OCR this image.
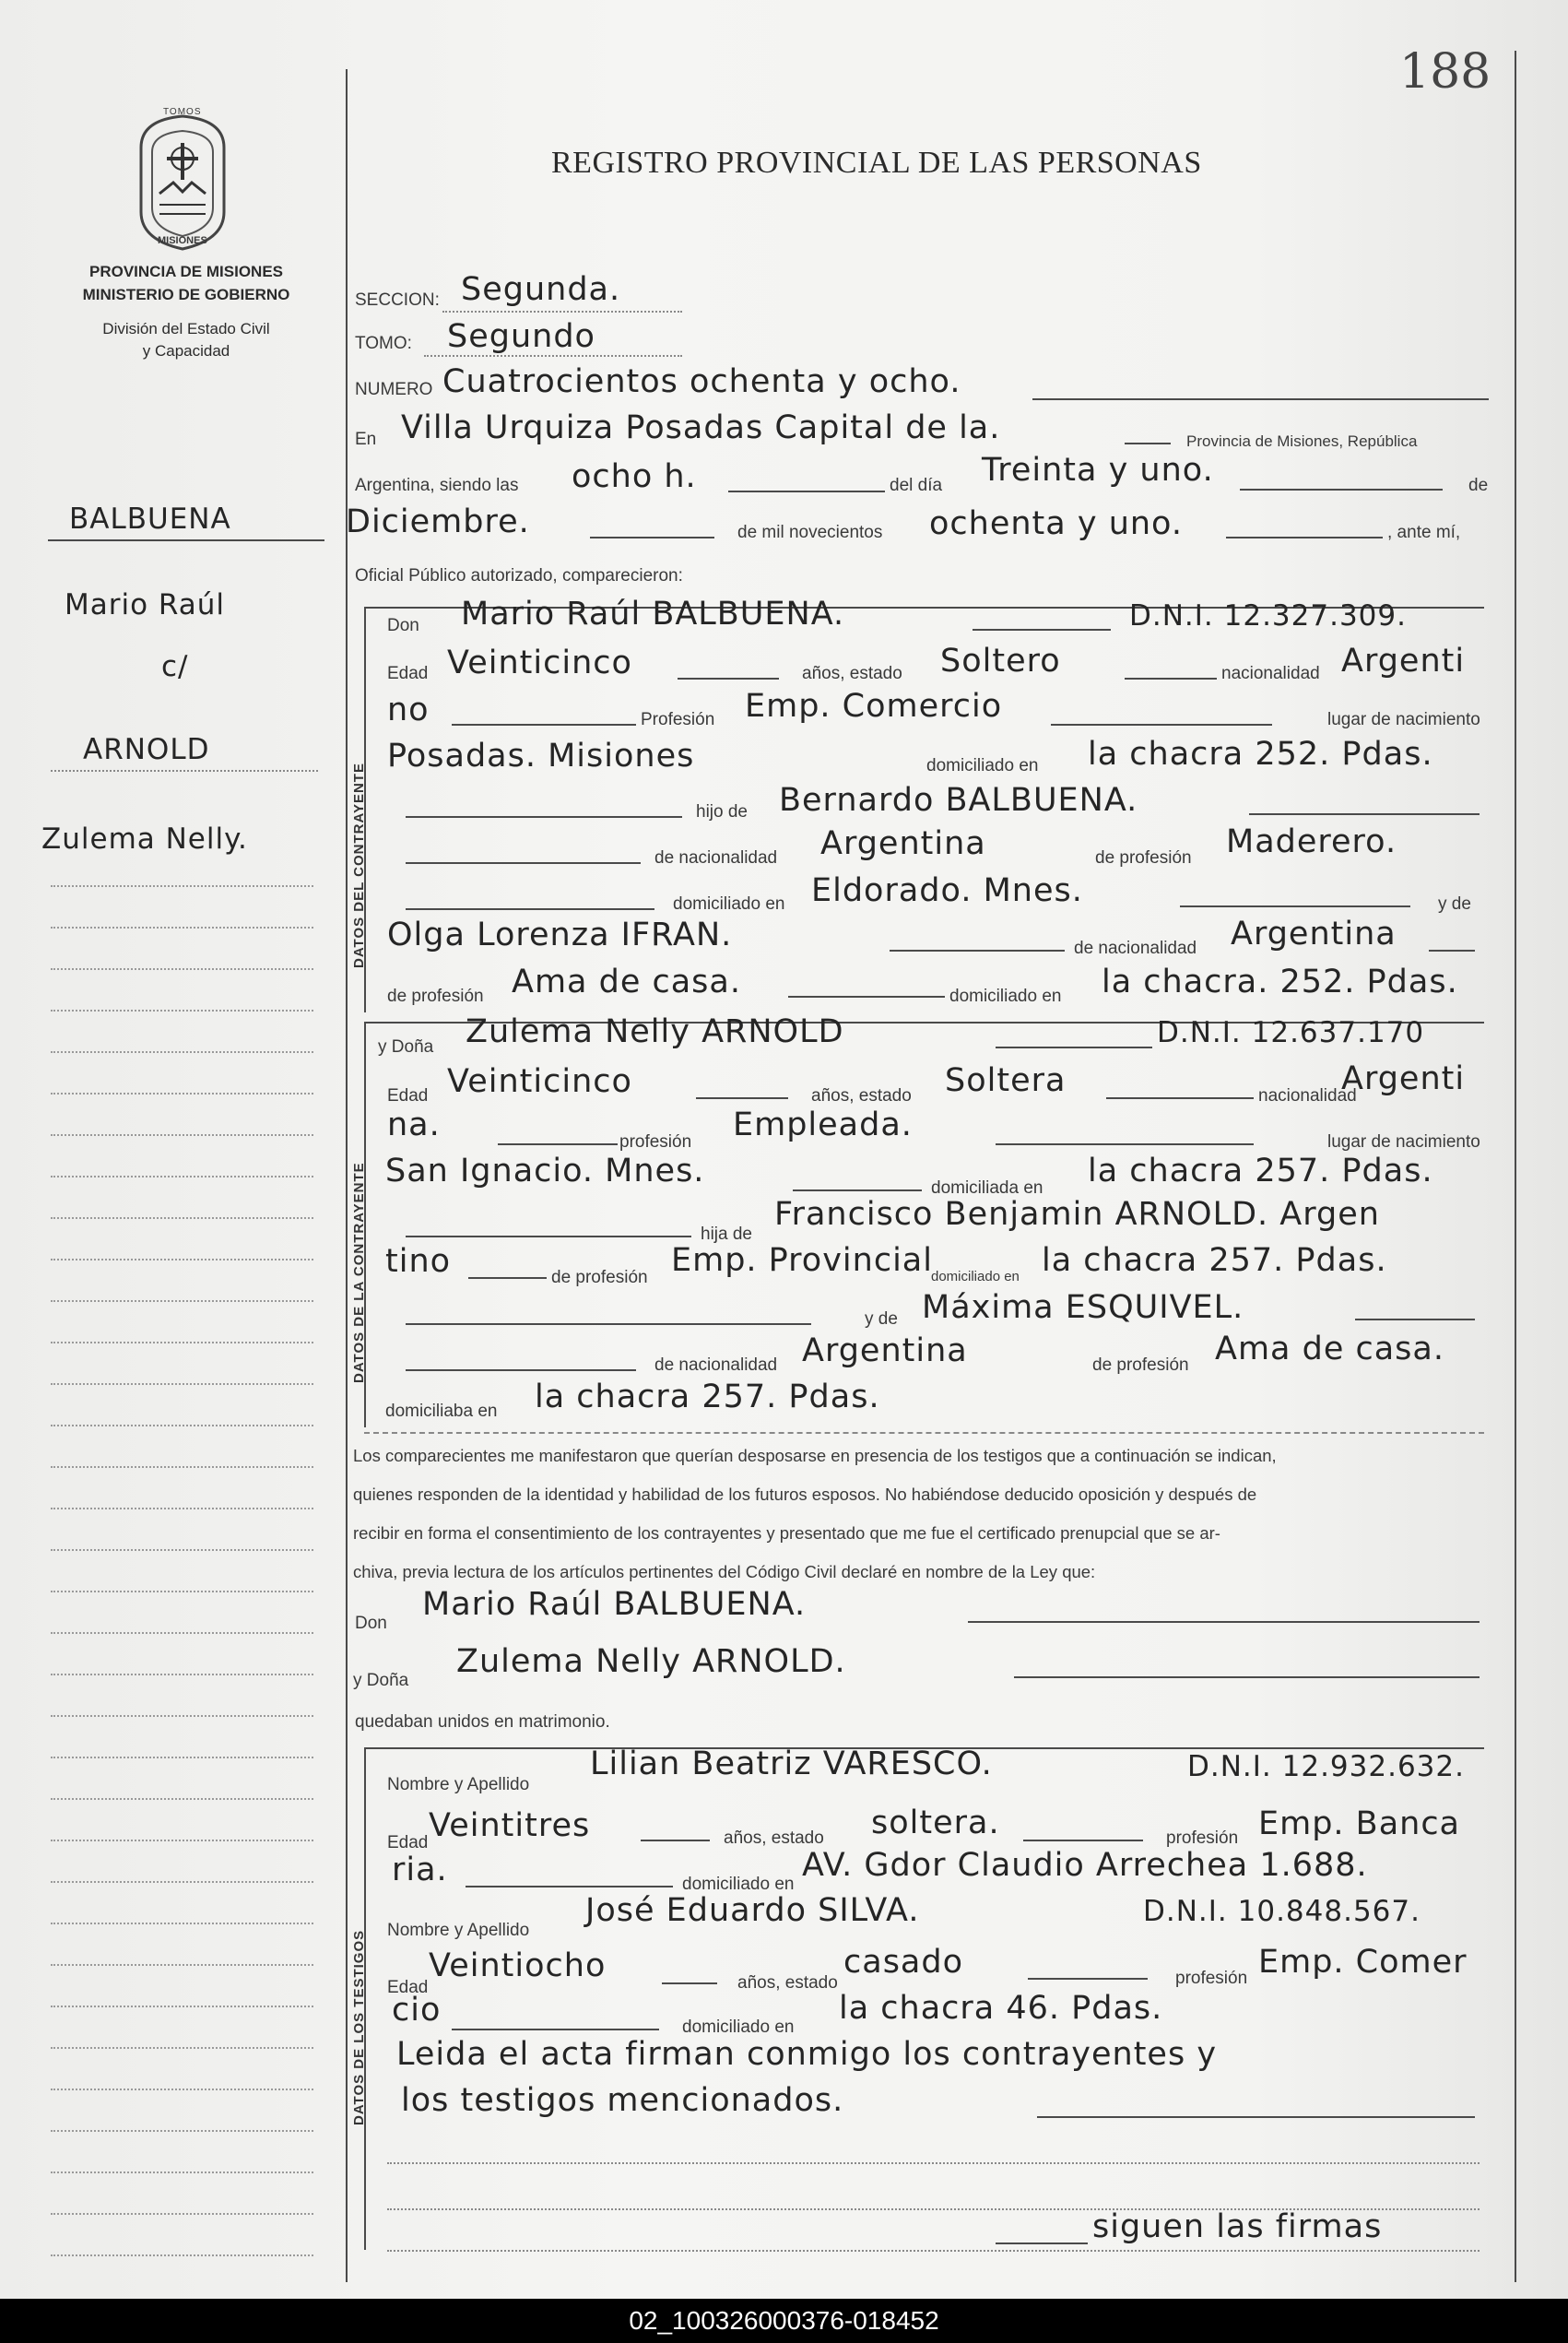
188
TOMOS
MISIONES
PROVINCIA DE MISIONES
MINISTERIO DE GOBIERNO
División del Estado Civil
y Capacidad
REGISTRO PROVINCIAL DE LAS PERSONAS
BALBUENA
Mario Raúl
c/
ARNOLD
Zulema Nelly.
SECCION: Segunda.
TOMO: Segundo
NUMERO Cuatrocientos ochenta y ocho.
En Villa Urquiza Posadas Capital de la.	Provincia de Misiones, República
Argentina, siendo las ocho h.	del día Treinta y uno.	de
Diciembre.	de mil novecientos ochenta y uno.	, ante mí,
Oficial Público autorizado, comparecieron:
DATOS DEL CONTRAYENTE
Don Mario Raúl BALBUENA.	D.N.I. 12.327.309.
Edad Veinticinco	años, estado Soltero	nacionalidad Argenti
no	Profesión Emp. Comercio	lugar de nacimiento
Posadas. Misiones	domiciliado en la chacra 252. Pdas.
hijo de Bernardo BALBUENA.
de nacionalidad Argentina	de profesión Maderero.
domiciliado en Eldorado. Mnes.	y de
Olga Lorenza IFRAN.	de nacionalidad Argentina
de profesión Ama de casa.	domiciliado en la chacra. 252. Pdas.
DATOS DE LA CONTRAYENTE
y Doña Zulema Nelly ARNOLD	D.N.I. 12.637.170
Edad Veinticinco	años, estado Soltera	nacionalidad
Argenti
na.	profesión Empleada.	lugar de nacimiento
San Ignacio. Mnes.	domiciliada en la chacra 257. Pdas.
hija de
Francisco Benjamin ARNOLD. Argen
tino	de profesión Emp. Provincial
domiciliado en la chacra 257. Pdas.
y de Máxima ESQUIVEL.
de nacionalidad Argentina	de profesión Ama de casa.
domiciliaba en la chacra 257. Pdas.
Los comparecientes me manifestaron que querían desposarse en presencia de los testigos que a continuación se indican,
quienes responden de la identidad y habilidad de los futuros esposos. No habiéndose deducido oposición y después de
recibir en forma el consentimiento de los contrayentes y presentado que me fue el certificado prenupcial que se ar-
chiva, previa lectura de los artículos pertinentes del Código Civil declaré en nombre de la Ley que:
Don
Mario Raúl BALBUENA.
y Doña
Zulema Nelly ARNOLD.
quedaban unidos en matrimonio.
DATOS DE LOS TESTIGOS
Nombre y Apellido
Lilian Beatriz VARESCO.	D.N.I. 12.932.632.
Edad Veintitres	años, estado soltera.	profesión Emp. Banca
ria.	domiciliado en
AV. Gdor Claudio Arrechea 1.688.
Nombre y Apellido
José Eduardo SILVA.	D.N.I. 10.848.567.
Edad
Veintiocho	años, estado
casado	profesión Emp. Comer
cio	domiciliado en
la chacra 46. Pdas.
Leida el acta firman conmigo los contrayentes y
los testigos mencionados.
siguen las firmas
02_100326000376-018452
